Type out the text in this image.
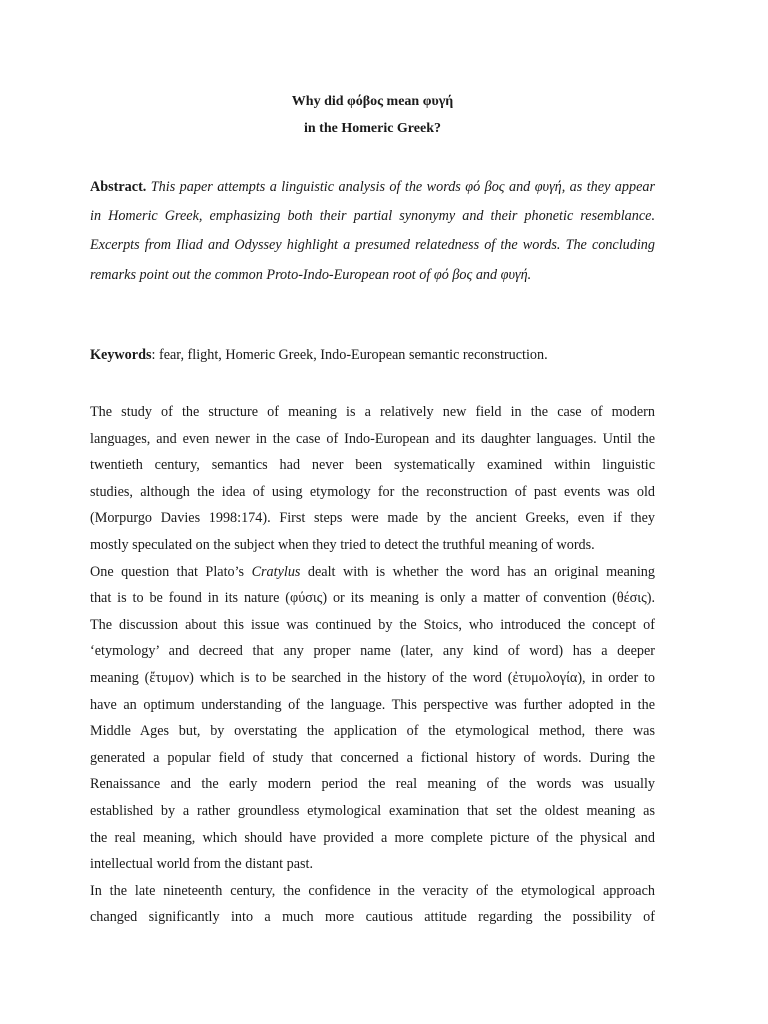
Why did φόβος mean φυγή

in the Homeric Greek?

Abstract. This paper attempts a linguistic analysis of the words φό βος and φυγή, as they appear in Homeric Greek, emphasizing both their partial synonymy and their phonetic resemblance. Excerpts from Iliad and Odyssey highlight a presumed relatedness of the words. The concluding remarks point out the common Proto-Indo-European root of φό βος and φυγή.

Keywords: fear, flight, Homeric Greek, Indo-European semantic reconstruction.

The study of the structure of meaning is a relatively new field in the case of modern
languages, and even newer in the case of Indo-European and its daughter languages. Until the
twentieth century, semantics had never been systematically examined within linguistic
studies, although the idea of using etymology for the reconstruction of past events was old
(Morpurgo Davies 1998:174). First steps were made by the ancient Greeks, even if they
mostly speculated on the subject when they tried to detect the truthful meaning of words.

One question that Plato’s Cratylus dealt with is whether the word has an original meaning
that is to be found in its nature (φύσις) or its meaning is only a matter of convention (θέσις).
The discussion about this issue was continued by the Stoics, who introduced the concept of
‘etymology’ and decreed that any proper name (later, any kind of word) has a deeper
meaning (ἔτυμον) which is to be searched in the history of the word (ἐτυμολογία), in order to
have an optimum understanding of the language. This perspective was further adopted in the
Middle Ages but, by overstating the application of the etymological method, there was
generated a popular field of study that concerned a fictional history of words. During the
Renaissance and the early modern period the real meaning of the words was usually
established by a rather groundless etymological examination that set the oldest meaning as
the real meaning, which should have provided a more complete picture of the physical and
intellectual world from the distant past.

In the late nineteenth century, the confidence in the veracity of the etymological approach
changed significantly into a much more cautious attitude regarding the possibility of
